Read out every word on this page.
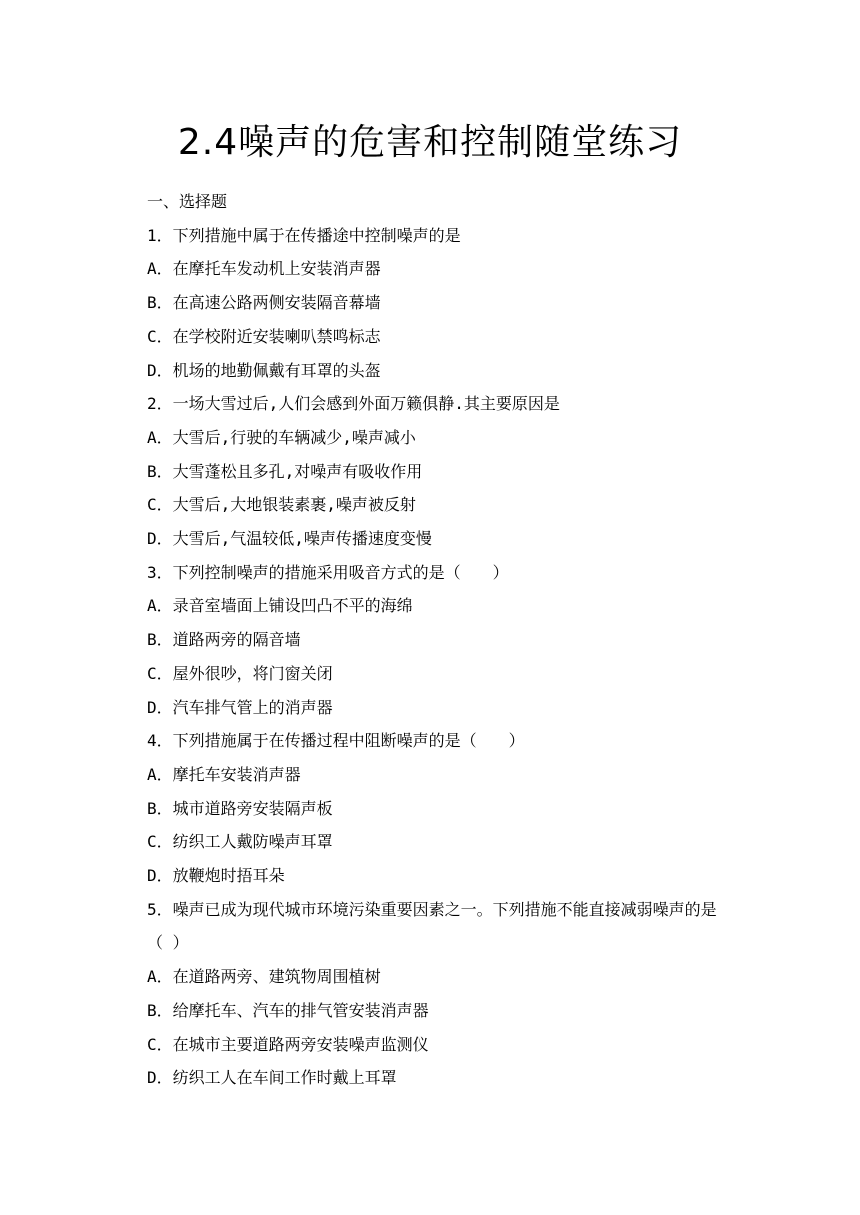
2.4噪声的危害和控制随堂练习
一、选择题
1．下列措施中属于在传播途中控制噪声的是
A．在摩托车发动机上安装消声器
B．在高速公路两侧安装隔音幕墙
C．在学校附近安装喇叭禁鸣标志
D．机场的地勤佩戴有耳罩的头盔
2．一场大雪过后,人们会感到外面万籁俱静.其主要原因是
A．大雪后,行驶的车辆减少,噪声减小
B．大雪蓬松且多孔,对噪声有吸收作用
C．大雪后,大地银装素裹,噪声被反射
D．大雪后,气温较低,噪声传播速度变慢
3．下列控制噪声的措施采用吸音方式的是（　　）
A．录音室墙面上铺设凹凸不平的海绵
B．道路两旁的隔音墙
C．屋外很吵，将门窗关闭
D．汽车排气管上的消声器
4．下列措施属于在传播过程中阻断噪声的是（　　）
A．摩托车安装消声器
B．城市道路旁安装隔声板
C．纺织工人戴防噪声耳罩
D．放鞭炮时捂耳朵
5．噪声已成为现代城市环境污染重要因素之一。下列措施不能直接减弱噪声的是（ ）
A．在道路两旁、建筑物周围植树
B．给摩托车、汽车的排气管安装消声器
C．在城市主要道路两旁安装噪声监测仪
D．纺织工人在车间工作时戴上耳罩
